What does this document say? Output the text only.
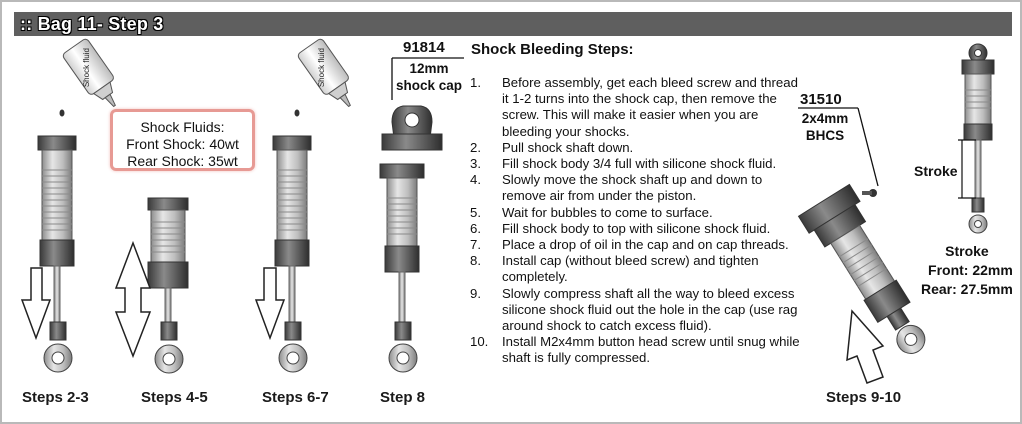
:: Bag 11- Step 3
Shock fluid	Shock fluid
Shock Fluids:
Front Shock: 40wt
Rear Shock: 35wt
Steps 2-3	Steps 4-5	Steps 6-7	Step 8	Steps 9-10
91814
12mm
shock cap
31510
2x4mm
BHCS
Shock Bleeding Steps:
1. Before assembly, get each bleed screw and thread it 1-2 turns into the shock cap, then remove the screw. This will make it easier when you are bleeding your shocks.
2. Pull shock shaft down.
3. Fill shock body 3/4 full with silicone shock fluid.
4. Slowly move the shock shaft up and down to remove air from under the piston.
5. Wait for bubbles to come to surface.
6. Fill shock body to top with silicone shock fluid.
7. Place a drop of oil in the cap and on cap threads.
8. Install cap (without bleed screw) and tighten completely.
9. Slowly compress shaft all the way to bleed excess silicone shock fluid out the hole in the cap (use rag around shock to catch excess fluid).
10. Install M2x4mm button head screw until snug while shaft is fully compressed.
Stroke
Stroke
Front: 22mm
Rear: 27.5mm
